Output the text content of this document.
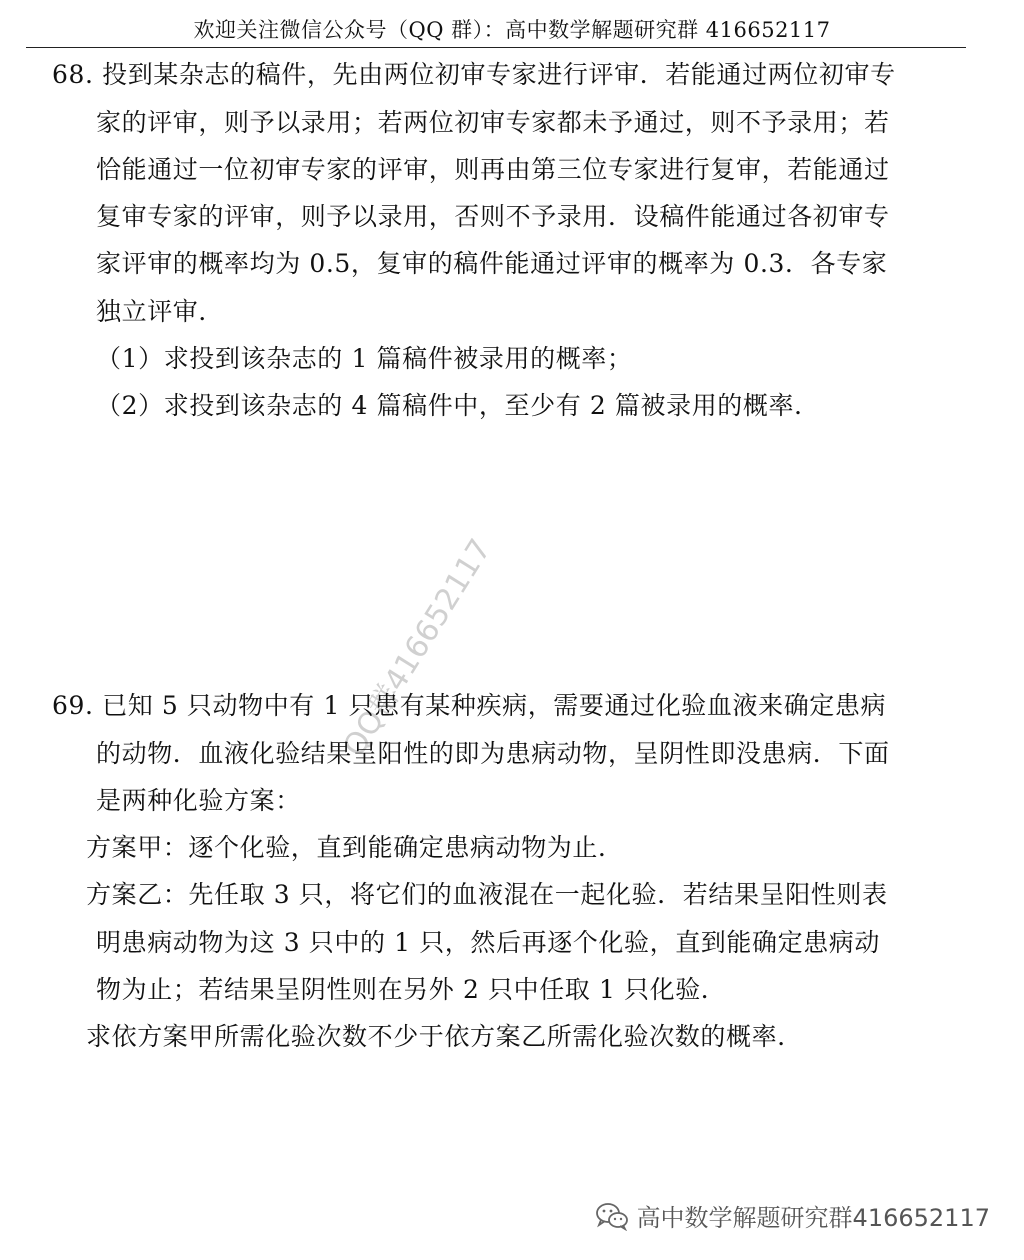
欢迎关注微信公众号（QQ 群）：高中数学解题研究群 416652117
68. 投到某杂志的稿件，先由两位初审专家进行评审．若能通过两位初审专
家的评审，则予以录用；若两位初审专家都未予通过，则不予录用；若
恰能通过一位初审专家的评审，则再由第三位专家进行复审，若能通过
复审专家的评审，则予以录用，否则不予录用．设稿件能通过各初审专
家评审的概率均为 0.5，复审的稿件能通过评审的概率为 0.3．各专家
独立评审．
（1）求投到该杂志的 1 篇稿件被录用的概率；
（2）求投到该杂志的 4 篇稿件中，至少有 2 篇被录用的概率．
QQ群416652117
69. 已知 5 只动物中有 1 只患有某种疾病，需要通过化验血液来确定患病
的动物．血液化验结果呈阳性的即为患病动物，呈阴性即没患病．下面
是两种化验方案：
方案甲：逐个化验，直到能确定患病动物为止．
方案乙：先任取 3 只，将它们的血液混在一起化验．若结果呈阳性则表
明患病动物为这 3 只中的 1 只，然后再逐个化验，直到能确定患病动
物为止；若结果呈阴性则在另外 2 只中任取 1 只化验．
求依方案甲所需化验次数不少于依方案乙所需化验次数的概率．
高中数学解题研究群416652117
